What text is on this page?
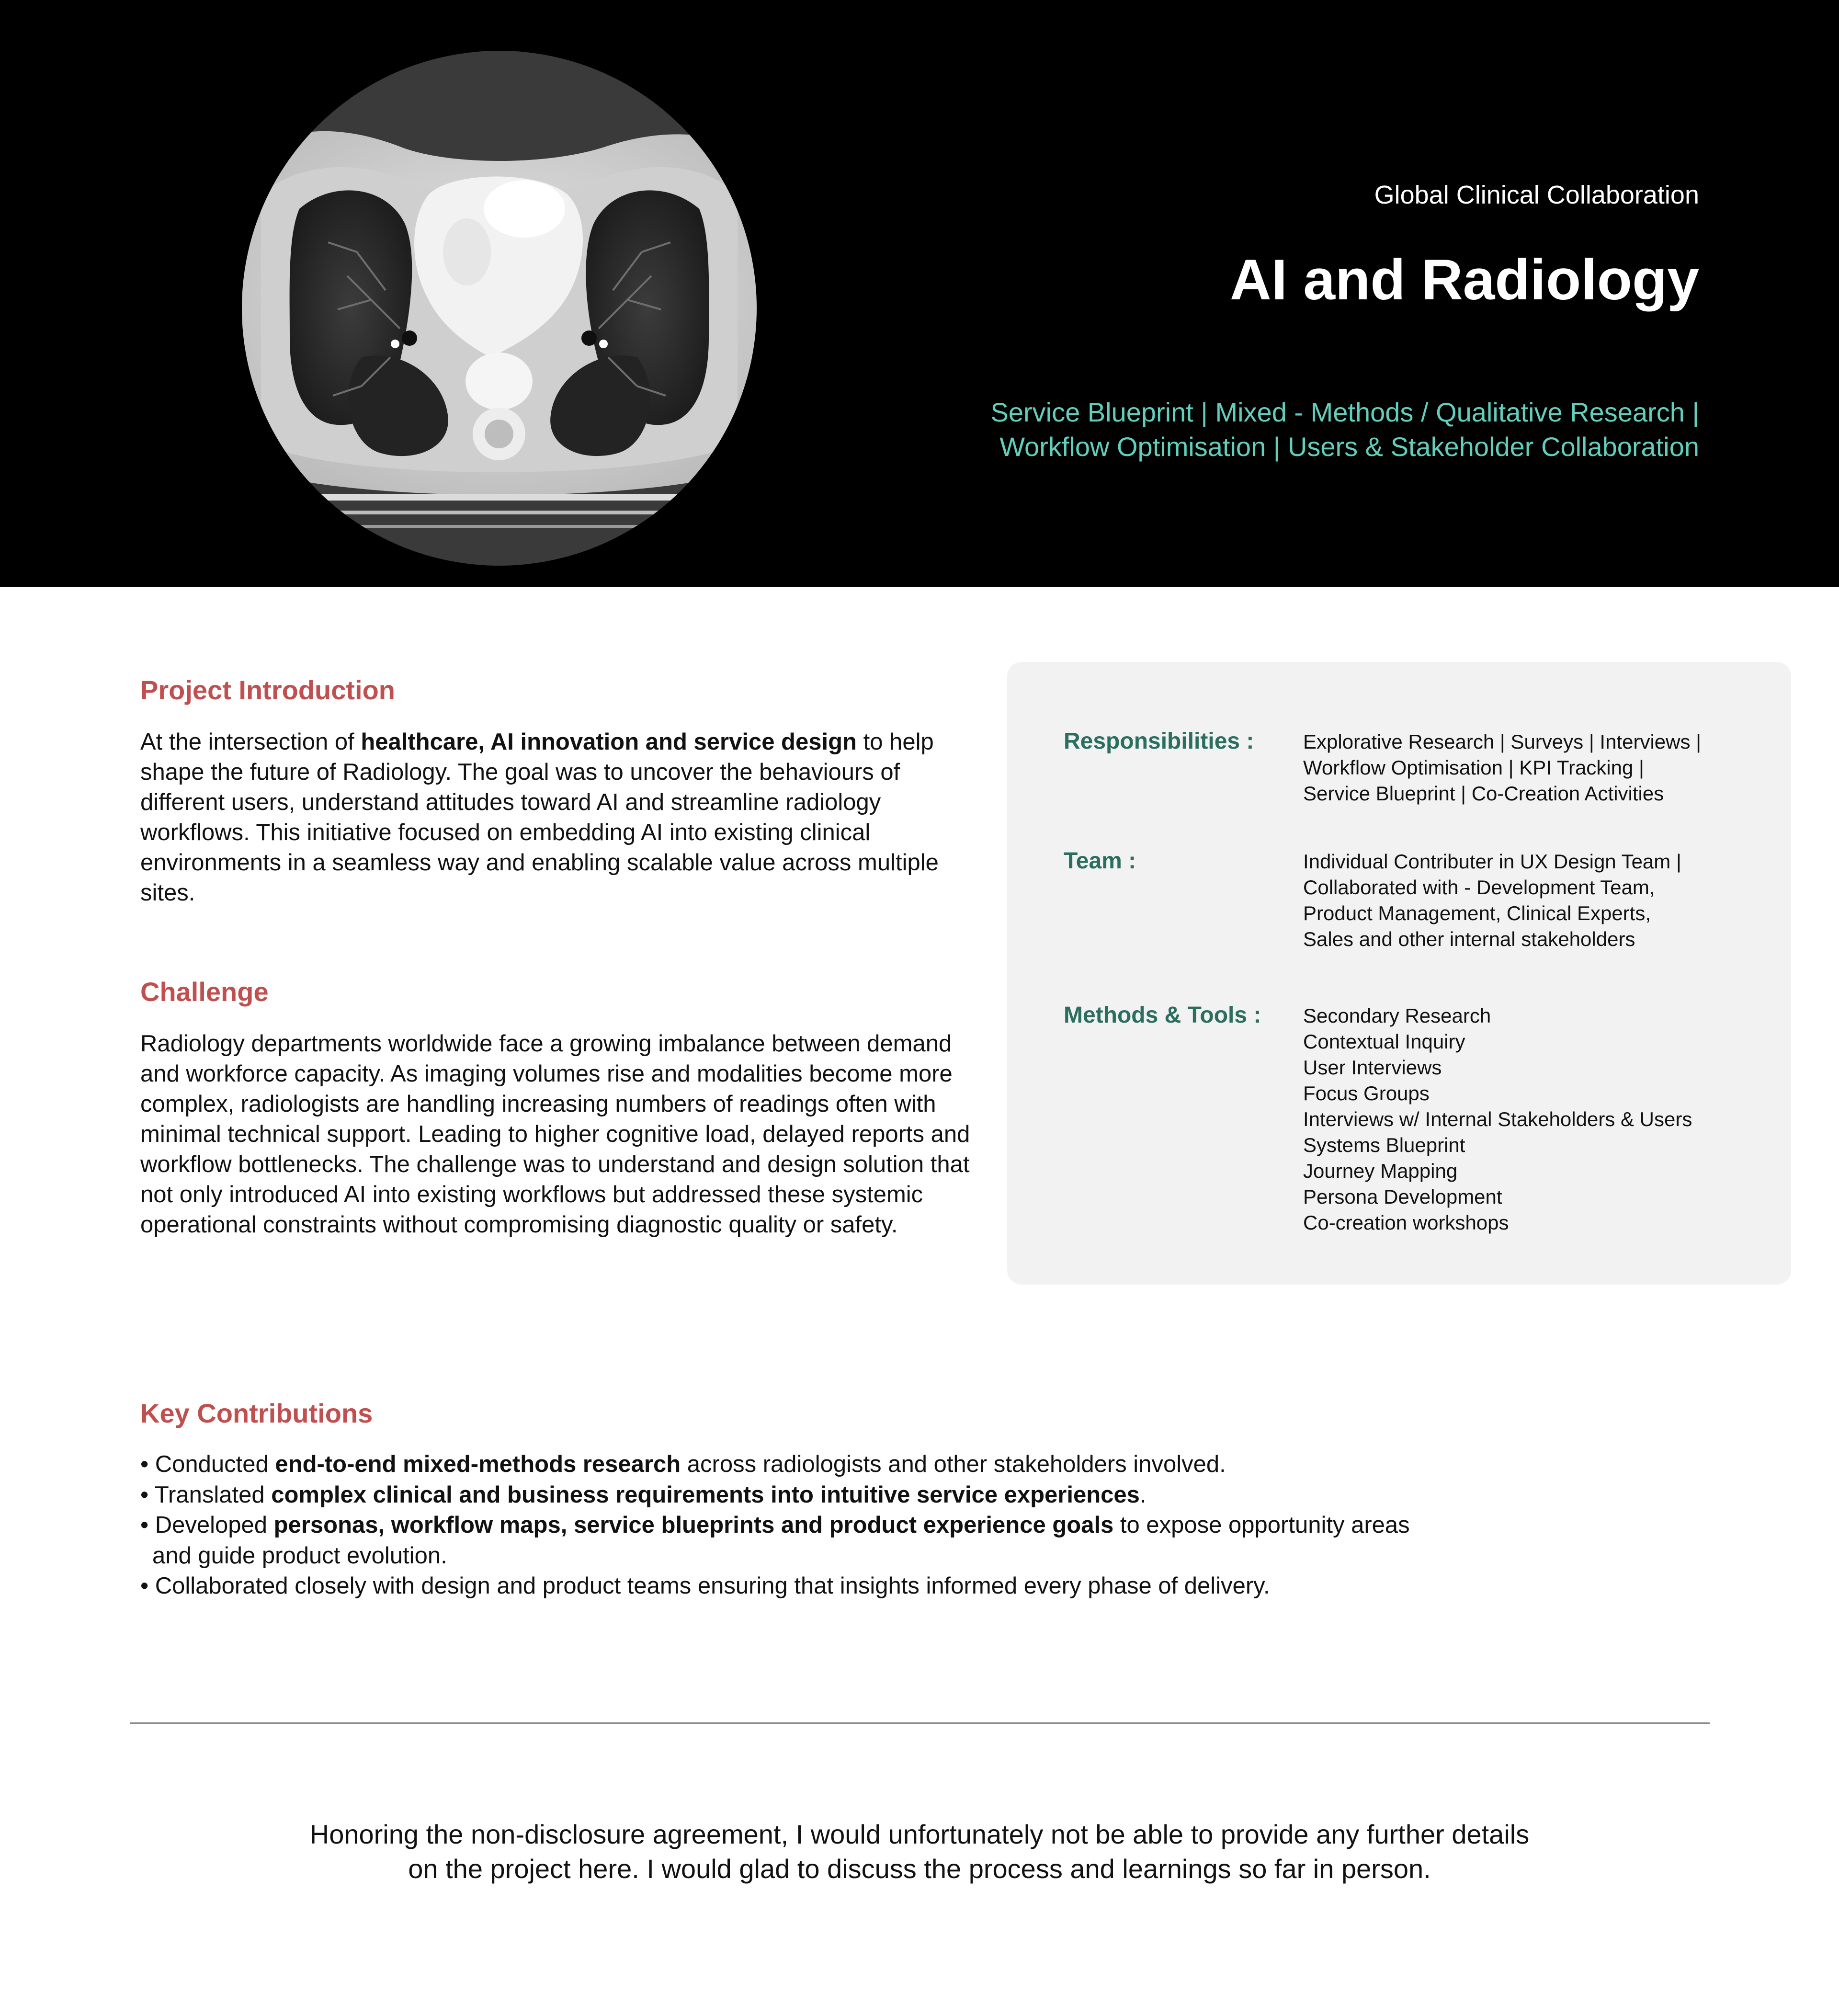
Global Clinical Collaboration
AI and Radiology
Service Blueprint | Mixed - Methods / Qualitative Research |
Workflow Optimisation | Users & Stakeholder Collaboration
Project Introduction

At the intersection of healthcare, AI innovation and service design to help shape the future of Radiology. The goal was to uncover the behaviours of different users, understand attitudes toward AI and streamline radiology workflows. This initiative focused on embedding AI into existing clinical environments in a seamless way and enabling scalable value across multiple sites.

Challenge

Radiology departments worldwide face a growing imbalance between demand and workforce capacity. As imaging volumes rise and modalities become more complex, radiologists are handling increasing numbers of readings often with minimal technical support. Leading to higher cognitive load, delayed reports and workflow bottlenecks. The challenge was to understand and design solution that not only introduced AI into existing workflows but addressed these systemic operational constraints without compromising diagnostic quality or safety.

Responsibilities : Explorative Research | Surveys | Interviews |
Workflow Optimisation | KPI Tracking |
Service Blueprint | Co-Creation Activities
Team :	Individual Contributer in UX Design Team |
Collaborated with - Development Team,
Product Management, Clinical Experts,
Sales and other internal stakeholders
Methods & Tools : Secondary Research
Contextual Inquiry
User Interviews
Focus Groups
Interviews w/ Internal Stakeholders & Users
Systems Blueprint
Journey Mapping
Persona Development
Co-creation workshops
Key Contributions
• Conducted end-to-end mixed-methods research across radiologists and other stakeholders involved.
• Translated complex clinical and business requirements into intuitive service experiences.
• Developed personas, workflow maps, service blueprints and product experience goals to expose opportunity areas
and guide product evolution.
• Collaborated closely with design and product teams ensuring that insights informed every phase of delivery.
Honoring the non-disclosure agreement, I would unfortunately not be able to provide any further details
on the project here. I would glad to discuss the process and learnings so far in person.
